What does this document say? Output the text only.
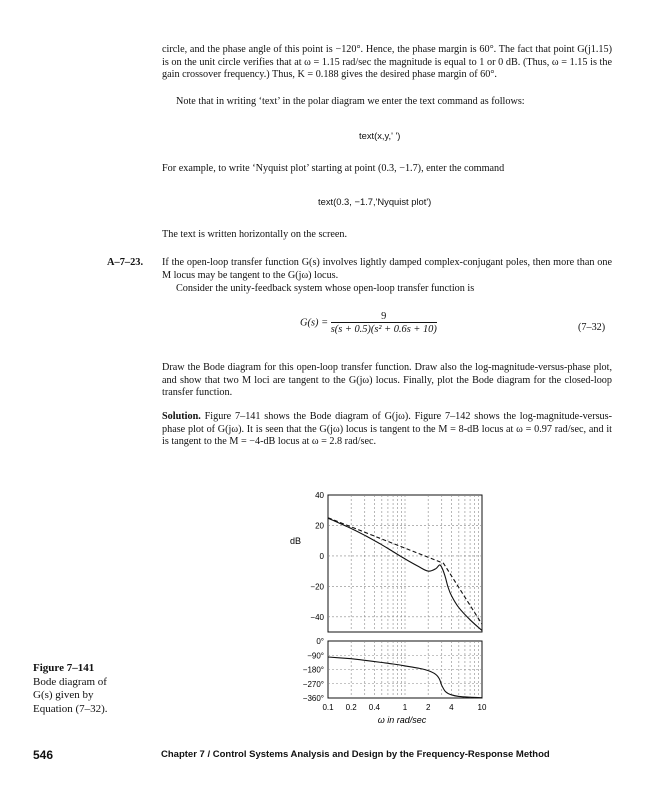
circle, and the phase angle of this point is −120°. Hence, the phase margin is 60°. The fact that point G(j1.15) is on the unit circle verifies that at ω = 1.15 rad/sec the magnitude is equal to 1 or 0 dB. (Thus, ω = 1.15 is the gain crossover frequency.) Thus, K = 0.188 gives the desired phase margin of 60°.
Note that in writing ‘text’ in the polar diagram we enter the text command as follows:
text(x,y,' ')
For example, to write ‘Nyquist plot’ starting at point (0.3, −1.7), enter the command
text(0.3, −1.7,'Nyquist plot')
The text is written horizontally on the screen.
A–7–23. If the open-loop transfer function G(s) involves lightly damped complex-conjugant poles, then more than one M locus may be tangent to the G(jω) locus.
Consider the unity-feedback system whose open-loop transfer function is
$G(s) = \frac{9}{\text{s(s + 0.5)(s² + 0.6s + 10)}}$	(7–32)
Draw the Bode diagram for this open-loop transfer function. Draw also the log-magnitude-versus-phase plot, and show that two M loci are tangent to the G(jω) locus. Finally, plot the Bode diagram for the closed-loop transfer function.
Solution. Figure 7–141 shows the Bode diagram of G(jω). Figure 7–142 shows the log-magnitude-versus-phase plot of G(jω). It is seen that the G(jω) locus is tangent to the M = 8-dB locus at ω = 0.97 rad/sec, and it is tangent to the M = −4-dB locus at ω = 2.8 rad/sec.
40
20
0
−20
−40
0°
−90°
−180°
−270°
−360°
0.1 0.2 0.4	1 2 4	10
dB
ω in rad/sec
Figure 7–141
Bode diagram of
G(s) given by
Equation (7–32).
546	Chapter 7 / Control Systems Analysis and Design by the Frequency-Response Method
